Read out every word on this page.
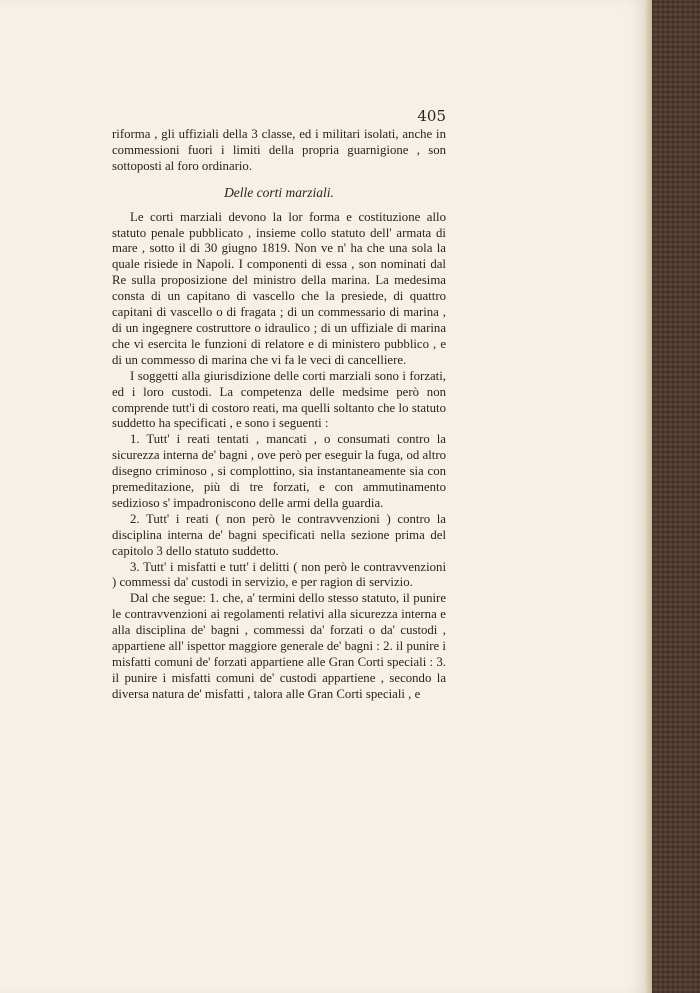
405

riforma , gli uffiziali della 3 classe, ed i militari isolati, anche in commessioni fuori i limiti della propria guarnigione , son sottoposti al foro ordinario.

Delle corti marziali.

Le corti marziali devono la lor forma e costituzione allo statuto penale pubblicato , insieme collo statuto dell' armata di mare , sotto il di 30 giugno 1819. Non ve n' ha che una sola la quale risiede in Napoli. I componenti di essa , son nominati dal Re sulla proposizione del ministro della marina. La medesima consta di un capitano di vascello che la presiede, di quattro capitani di vascello o di fragata ; di un commessario di marina , di un ingegnere costruttore o idraulico ; di un uffiziale di marina che vi esercita le funzioni di relatore e di ministero pubblico , e di un commesso di marina che vi fa le veci di cancelliere.

I soggetti alla giurisdizione delle corti marziali sono i forzati, ed i loro custodi. La competenza delle medsime però non comprende tutt'i di costoro reati, ma quelli soltanto che lo statuto suddetto ha specificati , e sono i seguenti :

1. Tutt' i reati tentati , mancati , o consumati contro la sicurezza interna de' bagni , ove però per eseguir la fuga, od altro disegno criminoso , si complottino, sia instantaneamente sia con premeditazione, più di tre forzati, e con ammutinamento sedizioso s' impadroniscono delle armi della guardia.

2. Tutt' i reati ( non però le contravvenzioni ) contro la disciplina interna de' bagni specificati nella sezione prima del capitolo 3 dello statuto suddetto.

3. Tutt' i misfatti e tutt' i delitti ( non però le contravvenzioni ) commessi da' custodi in servizio, e per ragion di servizio.

Dal che segue: 1. che, a' termini dello stesso statuto, il punire le contravvenzioni ai regolamenti relativi alla sicurezza interna e alla disciplina de' bagni , commessi da' forzati o da' custodi , appartiene all' ispettor maggiore generale de' bagni : 2. il punire i misfatti comuni de' forzati appartiene alle Gran Corti speciali : 3. il punire i misfatti comuni de' custodi appartiene , secondo la diversa natura de' misfatti , talora alle Gran Corti speciali , e
